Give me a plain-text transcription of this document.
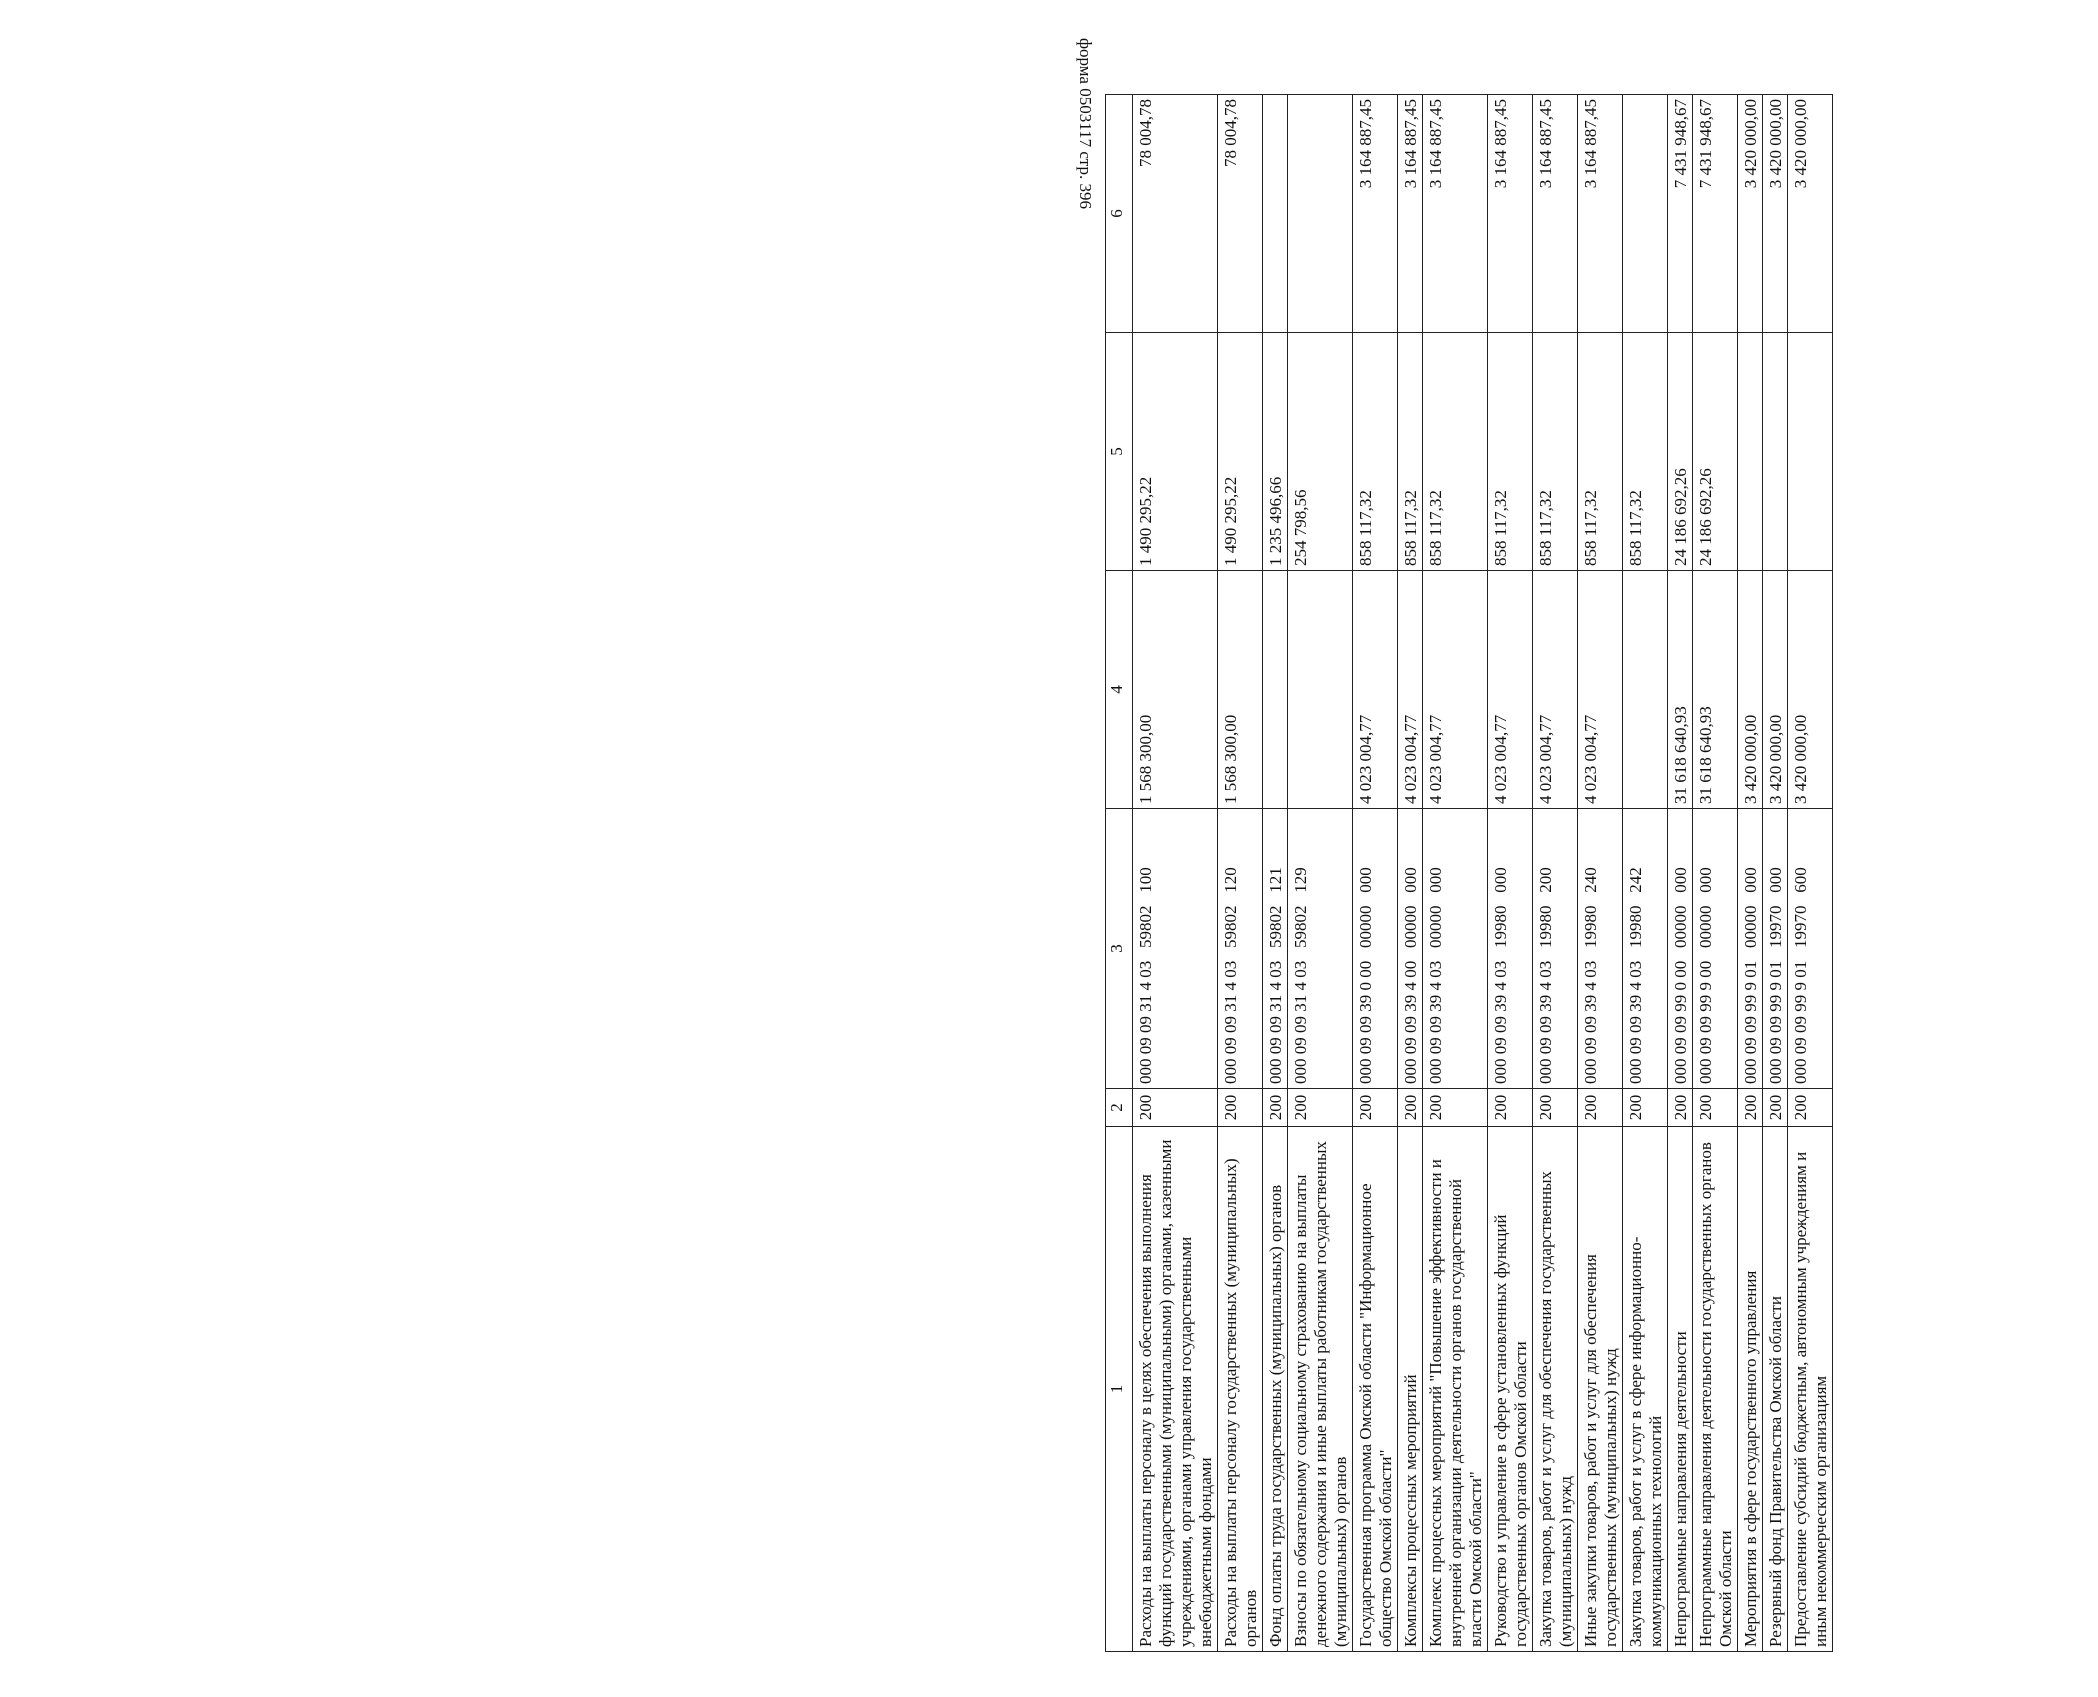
форма 0503117 стр. 396
1	2	3	4	5	6
Расходы на выплаты персоналу в целях обеспечения выполнения функций государственными (муниципальными) органами, казенными учреждениями, органами управления государственными внебюджетными фондами	200	000 09 09 31 4 03   59802   100	1 568 300,00	1 490 295,22	78 004,78
Расходы на выплаты персоналу государственных (муниципальных) органов	200	000 09 09 31 4 03   59802   120	1 568 300,00	1 490 295,22	78 004,78
Фонд оплаты труда государственных (муниципальных) органов	200	000 09 09 31 4 03   59802   121		1 235 496,66	
Взносы по обязательному социальному страхованию на выплаты денежного содержания и иные выплаты работникам государственных (муниципальных) органов	200	000 09 09 31 4 03   59802   129		254 798,56	
Государственная программа Омской области "Информационное общество Омской области"	200	000 09 09 39 0 00   00000   000	4 023 004,77	858 117,32	3 164 887,45
Комплексы процессных мероприятий	200	000 09 09 39 4 00   00000   000	4 023 004,77	858 117,32	3 164 887,45
Комплекс процессных мероприятий "Повышение эффективности и внутренней организации деятельности органов государственной власти Омской области"	200	000 09 09 39 4 03   00000   000	4 023 004,77	858 117,32	3 164 887,45
Руководство и управление в сфере установленных функций государственных органов Омской области	200	000 09 09 39 4 03   19980   000	4 023 004,77	858 117,32	3 164 887,45
Закупка товаров, работ и услуг для обеспечения государственных (муниципальных) нужд	200	000 09 09 39 4 03   19980   200	4 023 004,77	858 117,32	3 164 887,45
Иные закупки товаров, работ и услуг для обеспечения государственных (муниципальных) нужд	200	000 09 09 39 4 03   19980   240	4 023 004,77	858 117,32	3 164 887,45
Закупка товаров, работ и услуг в сфере информационно-коммуникационных технологий	200	000 09 09 39 4 03   19980   242		858 117,32	
Непрограммные направления деятельности	200	000 09 09 99 0 00   00000   000	31 618 640,93	24 186 692,26	7 431 948,67
Непрограммные направления деятельности государственных органов Омской области	200	000 09 09 99 9 00   00000   000	31 618 640,93	24 186 692,26	7 431 948,67
Мероприятия в сфере государственного управления	200	000 09 09 99 9 01   00000   000	3 420 000,00		3 420 000,00
Резервный фонд Правительства Омской области	200	000 09 09 99 9 01   19970   000	3 420 000,00		3 420 000,00
Предоставление субсидий бюджетным, автономным учреждениям и иным некоммерческим организациям	200	000 09 09 99 9 01   19970   600	3 420 000,00		3 420 000,00
